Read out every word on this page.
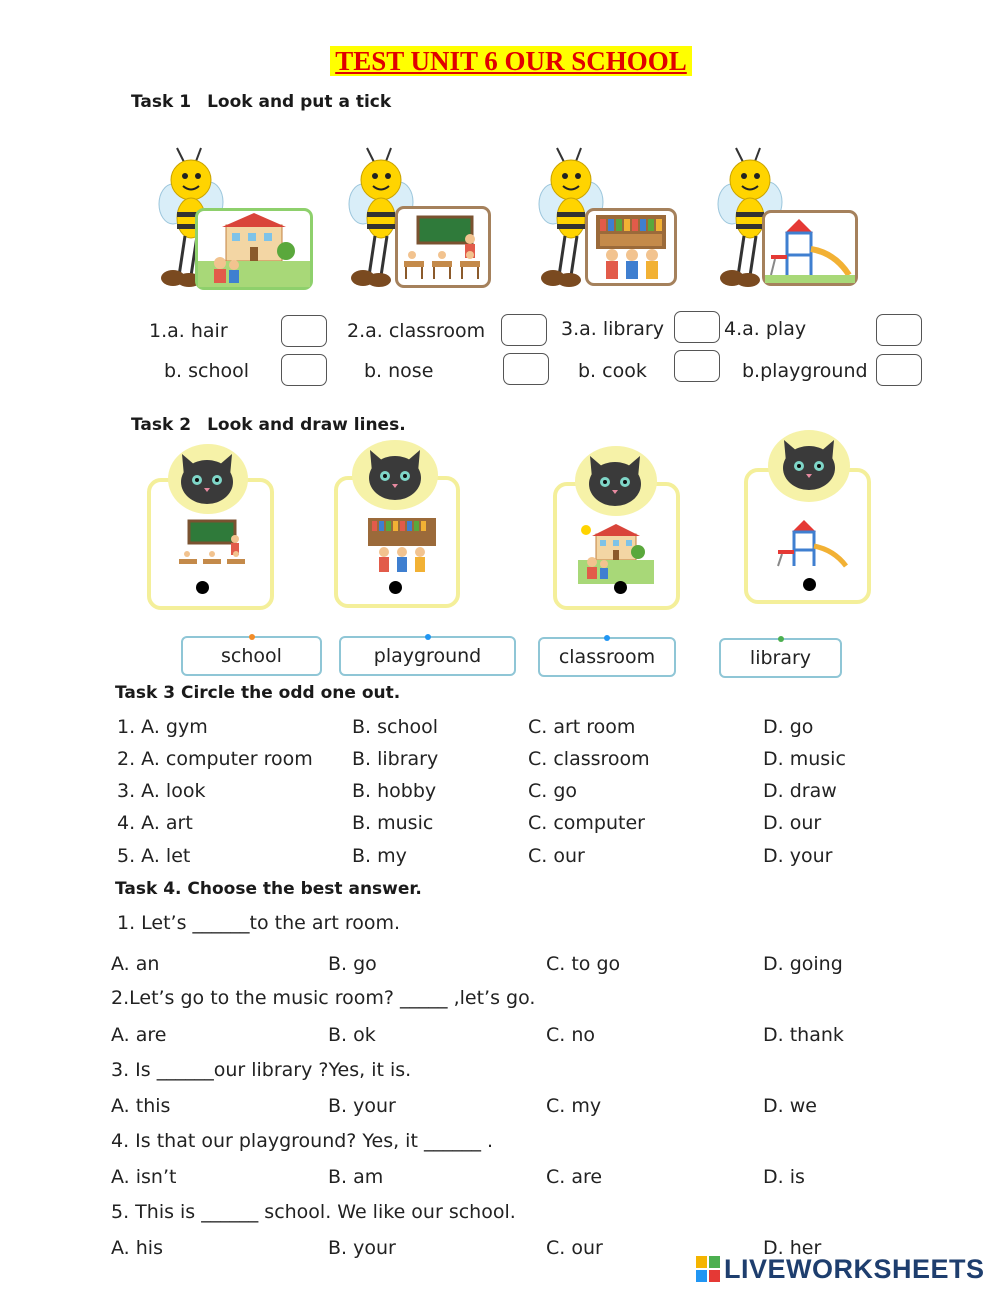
TEST UNIT 6 OUR SCHOOL
Task 1 Look and put a tick
1.a. hair
b. school
2.a. classroom
b. nose
3.a. library
b. cook
4.a. play
b.playground
Task 2 Look and draw lines.
school	playground	classroom	library
Task 3 Circle the odd one out.
1. A. gym	B. school	C. art room	D. go
2. A. computer room B. library	C. classroom	D. music
3. A. look	B. hobby	C. go	D. draw
4. A. art	B. music	C. computer	D. our
5. A. let	B. my	C. our	D. your
Task 4. Choose the best answer.
1. Let’s ______to the art room.
A. an	B. go	C. to go	D. going
2.Let’s go to the music room? _____ ,let’s go.
A. are	B. ok	C. no	D. thank
3. Is ______our library ?Yes, it is.
A. this	B. your	C. my	D. we
4. Is that our playground? Yes, it ______ .
A. isn’t	B. am	C. are	D. is
5. This is ______ school. We like our school.
A. his	B. your	C. our	D. her
LIVEWORKSHEETS
